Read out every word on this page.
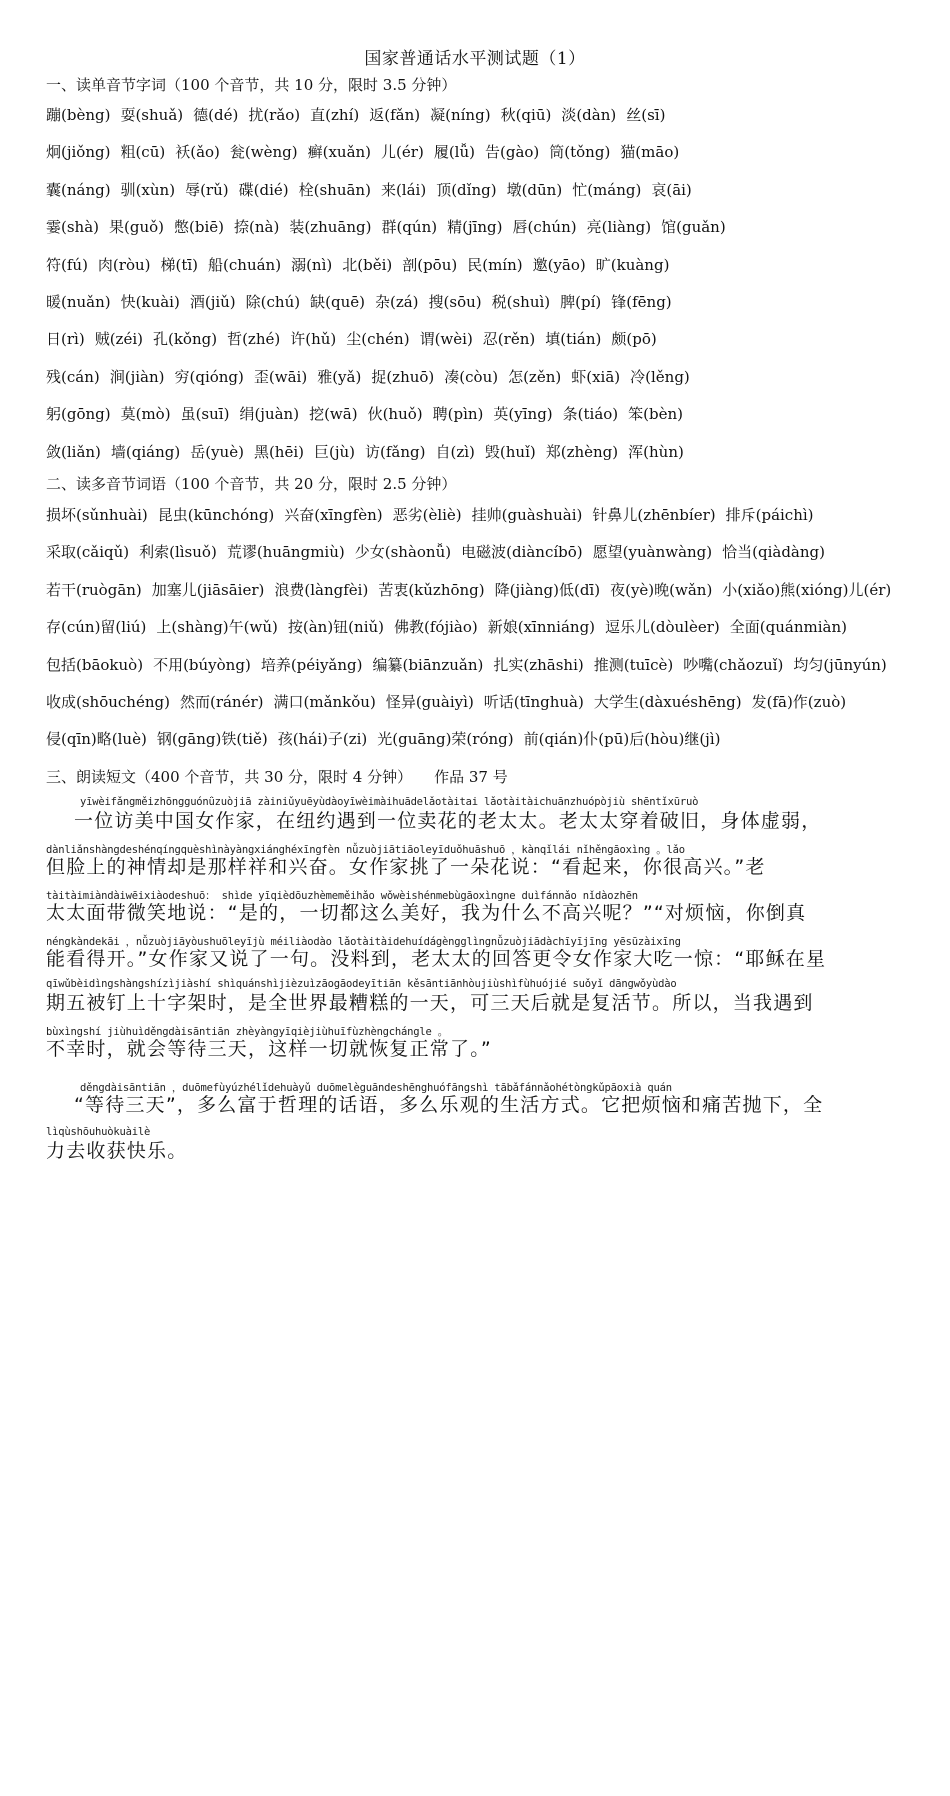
国家普通话水平测试题（1）
一、读单音节字词（100 个音节，共 10 分，限时 3.5 分钟）
蹦(bèng) 耍(shuǎ) 德(dé) 扰(rǎo) 直(zhí) 返(fǎn) 凝(níng) 秋(qiū) 淡(dàn) 丝(sī)
炯(jiǒng) 粗(cū) 袄(ǎo) 瓮(wèng) 癣(xuǎn) 儿(ér) 履(lǚ) 告(gào) 筒(tǒng) 猫(māo)
囊(náng) 驯(xùn) 辱(rǔ) 碟(dié) 栓(shuān) 来(lái) 顶(dǐng) 墩(dūn) 忙(máng) 哀(āi)
霎(shà) 果(guǒ) 憋(biē) 捺(nà) 装(zhuāng) 群(qún) 精(jīng) 唇(chún) 亮(liàng) 馆(guǎn)
符(fú) 肉(ròu) 梯(tī) 船(chuán) 溺(nì) 北(běi) 剖(pōu) 民(mín) 邀(yāo) 旷(kuàng)
暖(nuǎn) 快(kuài) 酒(jiǔ) 除(chú) 缺(quē) 杂(zá) 搜(sōu) 税(shuì) 脾(pí) 锋(fēng)
日(rì) 贼(zéi) 孔(kǒng) 哲(zhé) 许(hǔ) 尘(chén) 谓(wèi) 忍(rěn) 填(tián) 颇(pō)
残(cán) 涧(jiàn) 穷(qióng) 歪(wāi) 雅(yǎ) 捉(zhuō) 凑(còu) 怎(zěn) 虾(xiā) 冷(lěng)
躬(gōng) 莫(mò) 虽(suī) 绢(juàn) 挖(wā) 伙(huǒ) 聘(pìn) 英(yīng) 条(tiáo) 笨(bèn)
敛(liǎn) 墙(qiáng) 岳(yuè) 黑(hēi) 巨(jù) 访(fǎng) 自(zì) 毁(huǐ) 郑(zhèng) 浑(hùn)
二、读多音节词语（100 个音节，共 20 分，限时 2.5 分钟）
损坏(sǔnhuài) 昆虫(kūnchóng) 兴奋(xīngfèn) 恶劣(èliè) 挂帅(guàshuài) 针鼻儿(zhēnbíer) 排斥(páichì)
采取(cǎiqǔ) 利索(lìsuǒ) 荒谬(huāngmiù) 少女(shàonǚ) 电磁波(diàncíbō) 愿望(yuànwàng) 恰当(qiàdàng)
若干(ruògān) 加塞儿(jiāsāier) 浪费(làngfèi) 苦衷(kǔzhōng) 降(jiàng)低(dī) 夜(yè)晚(wǎn) 小(xiǎo)熊(xióng)儿(ér)
存(cún)留(liú) 上(shàng)午(wǔ) 按(àn)钮(niǔ) 佛教(fójiào) 新娘(xīnniáng) 逗乐儿(dòulèer) 全面(quánmiàn)
包括(bāokuò) 不用(búyòng) 培养(péiyǎng) 编纂(biānzuǎn) 扎实(zhāshi) 推测(tuīcè) 吵嘴(chǎozuǐ) 均匀(jūnyún)
收成(shōuchéng) 然而(ránér) 满口(mǎnkǒu) 怪异(guàiyì) 听话(tīnghuà) 大学生(dàxuéshēng) 发(fā)作(zuò)
侵(qīn)略(luè) 钢(gāng)铁(tiě) 孩(hái)子(zi) 光(guāng)荣(róng) 前(qián)仆(pū)后(hòu)继(jì)
三、朗读短文（400 个音节，共 30 分，限时 4 分钟） 作品 37 号
yīwèifǎngměizhōngguónǚzuòjiā zàiniǔyuēyùdàoyīwèimàihuādelǎotàitai lǎotàitàichuānzhuópòjiù shēntǐxūruò
一位访美中国女作家，在纽约遇到一位卖花的老太太。老太太穿着破旧，身体虚弱，
dànliǎnshàngdeshénqíngquèshìnàyàngxiánghéxīngfèn nǚzuòjiātiāoleyīduǒhuāshuō ，kànqǐlái nǐhěngāoxìng 。lǎo
但脸上的神情却是那样祥和兴奋。女作家挑了一朵花说：“看起来，你很高兴。”老
tàitàimiàndàiwēixiàodeshuō： shìde yīqièdōuzhèmeměihǎo wǒwèishénmebùgāoxìngne duìfánnǎo nǐdàozhēn
太太面带微笑地说：“是的，一切都这么美好，我为什么不高兴呢？”“对烦恼，你倒真
néngkàndekāi ，nǚzuòjiāyòushuōleyījù méiliàodào lǎotàitàidehuídágèngglìngnǚzuòjiādàchīyījīng yēsūzàixīng
能看得开。”女作家又说了一句。没料到，老太太的回答更令女作家大吃一惊：“耶稣在星
qīwǔbèidìngshàngshízìjiàshí shìquánshìjièzuìzāogāodeyītiān kěsāntiānhòujiùshìfùhuójié suǒyǐ dāngwǒyùdào
期五被钉上十字架时，是全世界最糟糕的一天，可三天后就是复活节。所以，当我遇到
bùxìngshí jiùhuìděngdàisāntiān zhèyàngyīqièjiùhuīfùzhèngchángle 。
不幸时，就会等待三天，这样一切就恢复正常了。”
děngdàisāntiān ，duōmefùyúzhélǐdehuàyǔ duōmelèguāndeshēnghuófāngshì tābǎfánnǎohétòngkǔpāoxià quán
“等待三天”，多么富于哲理的话语，多么乐观的生活方式。它把烦恼和痛苦抛下，全
lìqùshōuhuòkuàilè
力去收获快乐。
